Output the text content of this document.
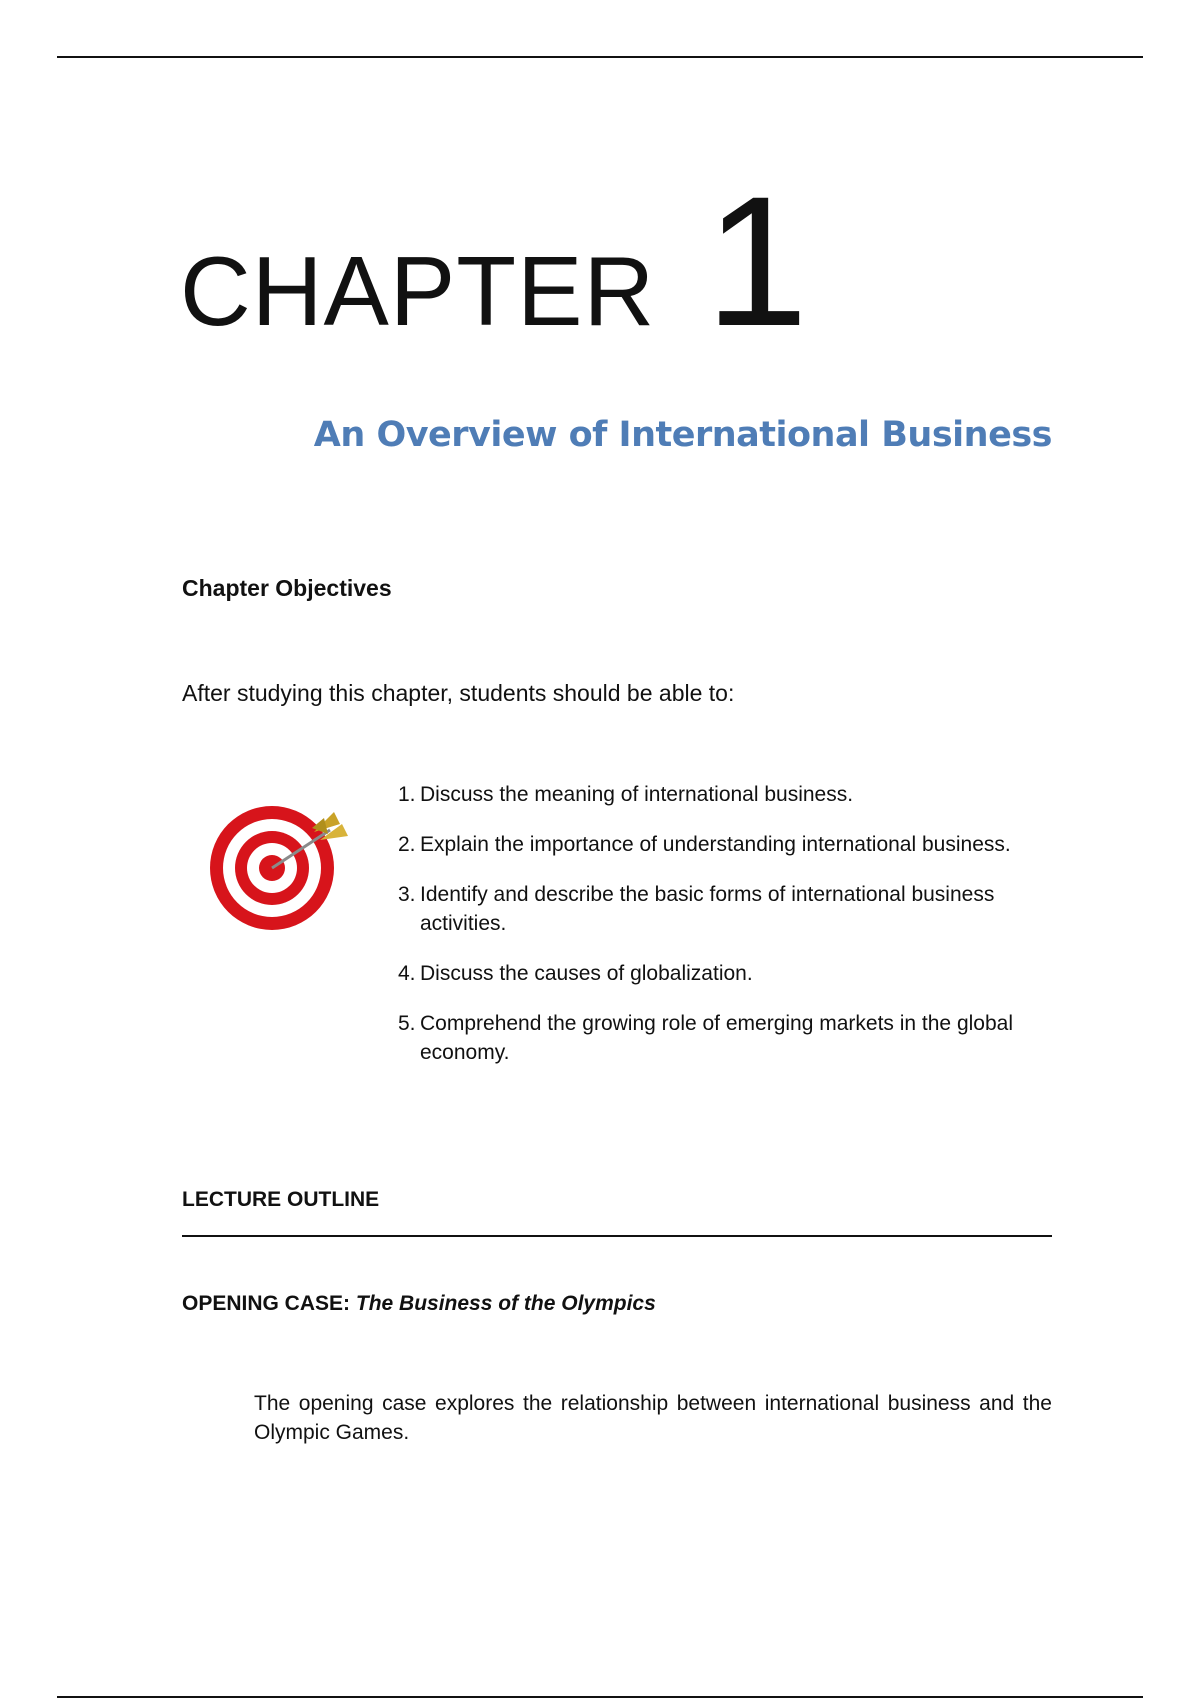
CHAPTER 1
An Overview of International Business
Chapter Objectives
After studying this chapter, students should be able to:
1. Discuss the meaning of international business.
2. Explain the importance of understanding international business.
3. Identify and describe the basic forms of international business activities.
4. Discuss the causes of globalization.
5. Comprehend the growing role of emerging markets in the global economy.
LECTURE OUTLINE
OPENING CASE: The Business of the Olympics
The opening case explores the relationship between international business and the Olympic Games.
